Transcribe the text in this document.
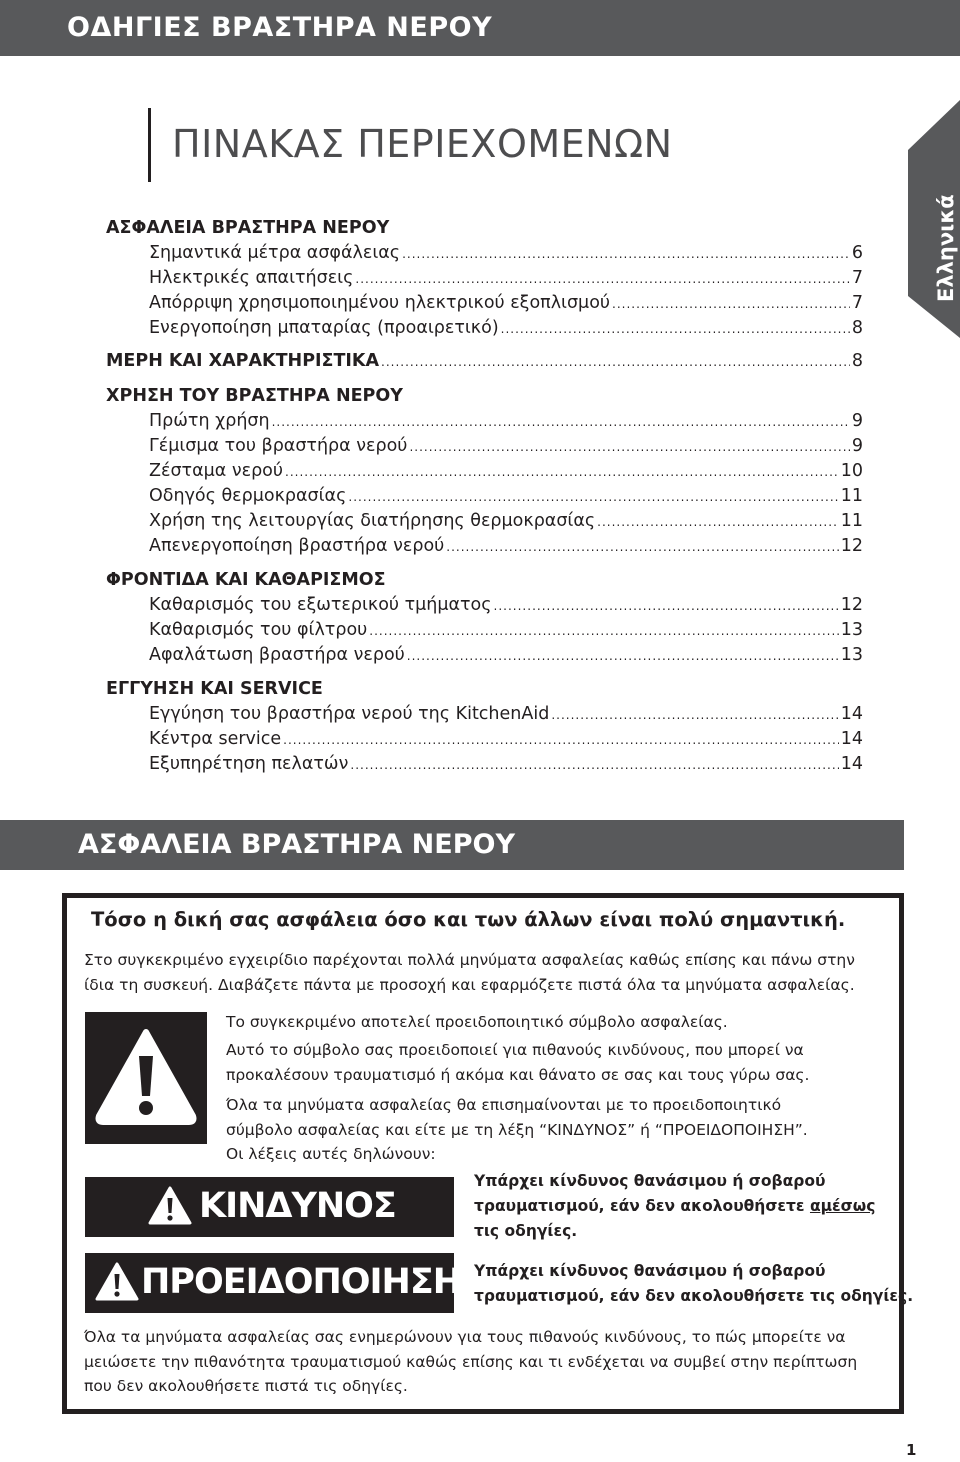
ΟΔΗΓΙΕΣ ΒΡΑΣΤΗΡΑ ΝΕΡΟΥ
ΠΙΝΑΚΑΣ ΠΕΡΙΕΧΟΜΕΝΩΝ
Ελληνικά
ΑΣΦΑΛΕΙΑ ΒΡΑΣΤΗΡΑ ΝΕΡΟΥ
Σημαντικά μέτρα ασφάλειας .....	6
Ηλεκτρικές απαιτήσεις .....	7
Απόρριψη χρησιμοποιημένου ηλεκτρικού εξοπλισμού .....	7
Ενεργοποίηση μπαταρίας (προαιρετικό) .....	8
ΜΕΡΗ ΚΑΙ ΧΑΡΑΚΤΗΡΙΣΤΙΚΑ .....	8
ΧΡΗΣΗ ΤΟΥ ΒΡΑΣΤΗΡΑ ΝΕΡΟΥ
Πρώτη χρήση .....	9
Γέμισμα του βραστήρα νερού .....	9
Ζέσταμα νερού .....	10
Οδηγός θερμοκρασίας .....	11
Χρήση της λειτουργίας διατήρησης θερμοκρασίας .....	11
Απενεργοποίηση βραστήρα νερού .....	12
ΦΡΟΝΤΙΔΑ ΚΑΙ ΚΑΘΑΡΙΣΜΟΣ
Καθαρισμός του εξωτερικού τμήματος .....	12
Καθαρισμός του φίλτρου .....	13
Αφαλάτωση βραστήρα νερού .....	13
ΕΓΓΥΗΣΗ ΚΑΙ SERVICE
Εγγύηση του βραστήρα νερού της KitchenAid .....	14
Κέντρα service .....	14
Εξυπηρέτηση πελατών .....	14
ΑΣΦΑΛΕΙΑ ΒΡΑΣΤΗΡΑ ΝΕΡΟΥ
Τόσο η δική σας ασφάλεια όσο και των άλλων είναι πολύ σημαντική.
Στο συγκεκριμένο εγχειρίδιο παρέχονται πολλά μηνύματα ασφαλείας καθώς επίσης και πάνω στην
ίδια τη συσκευή. Διαβάζετε πάντα με προσοχή και εφαρμόζετε πιστά όλα τα μηνύματα ασφαλείας.
Το συγκεκριμένο αποτελεί προειδοποιητικό σύμβολο ασφαλείας.
Αυτό το σύμβολο σας προειδοποιεί για πιθανούς κινδύνους, που μπορεί να
προκαλέσουν τραυματισμό ή ακόμα και θάνατο σε σας και τους γύρω σας.
Όλα τα μηνύματα ασφαλείας θα επισημαίνονται με το προειδοποιητικό
σύμβολο ασφαλείας και είτε με τη λέξη “ΚΙΝΔΥΝΟΣ” ή “ΠΡΟΕΙΔΟΠΟΙΗΣΗ”.
Οι λέξεις αυτές δηλώνουν:
ΚΙΝΔΥΝΟΣ
Υπάρχει κίνδυνος θανάσιμου ή σοβαρού
τραυματισμού, εάν δεν ακολουθήσετε αμέσως
τις οδηγίες.
ΠΡΟΕΙΔΟΠΟΙΗΣΗ Υπάρχει κίνδυνος θανάσιμου ή σοβαρού
τραυματισμού, εάν δεν ακολουθήσετε τις οδηγίες.
Όλα τα μηνύματα ασφαλείας σας ενημερώνουν για τους πιθανούς κινδύνους, το πώς μπορείτε να
μειώσετε την πιθανότητα τραυματισμού καθώς επίσης και τι ενδέχεται να συμβεί στην περίπτωση
που δεν ακολουθήσετε πιστά τις οδηγίες.
1
